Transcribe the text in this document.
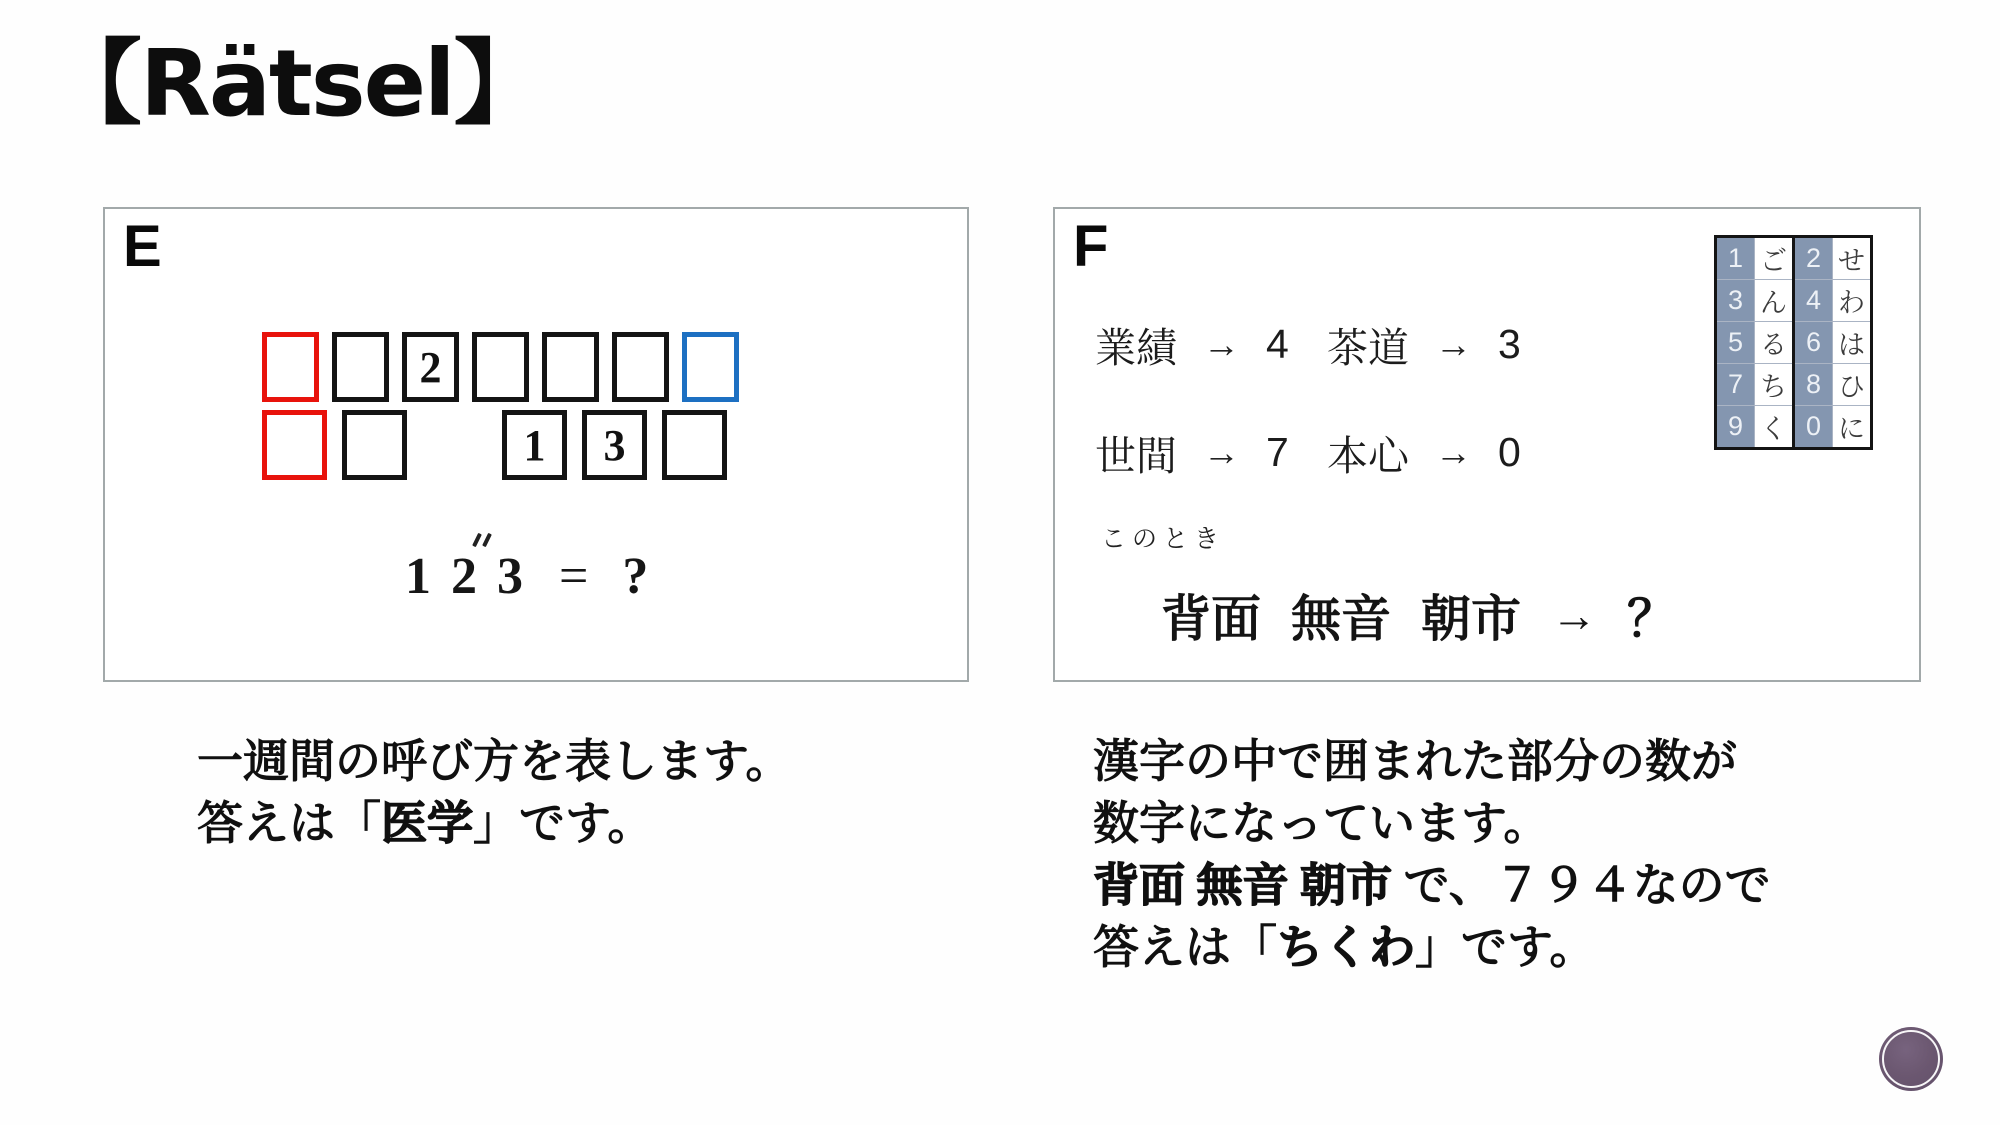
【Rätsel】
E
2
1 3
1 2 3 = ?
F
業績 → 4 茶道 → 3
世間 → 7 本心 → 0
このとき
背面 無音 朝市 → ？
1	ご	2	せ
3	ん	4	わ
5	る	6	は
7	ち	8	ひ
9	く	0	に
一週間の呼び方を表します。
答えは「医学」です。
漢字の中で囲まれた部分の数が
数字になっています。
背面 無音 朝市 で、７９４なので
答えは「ちくわ」です。
